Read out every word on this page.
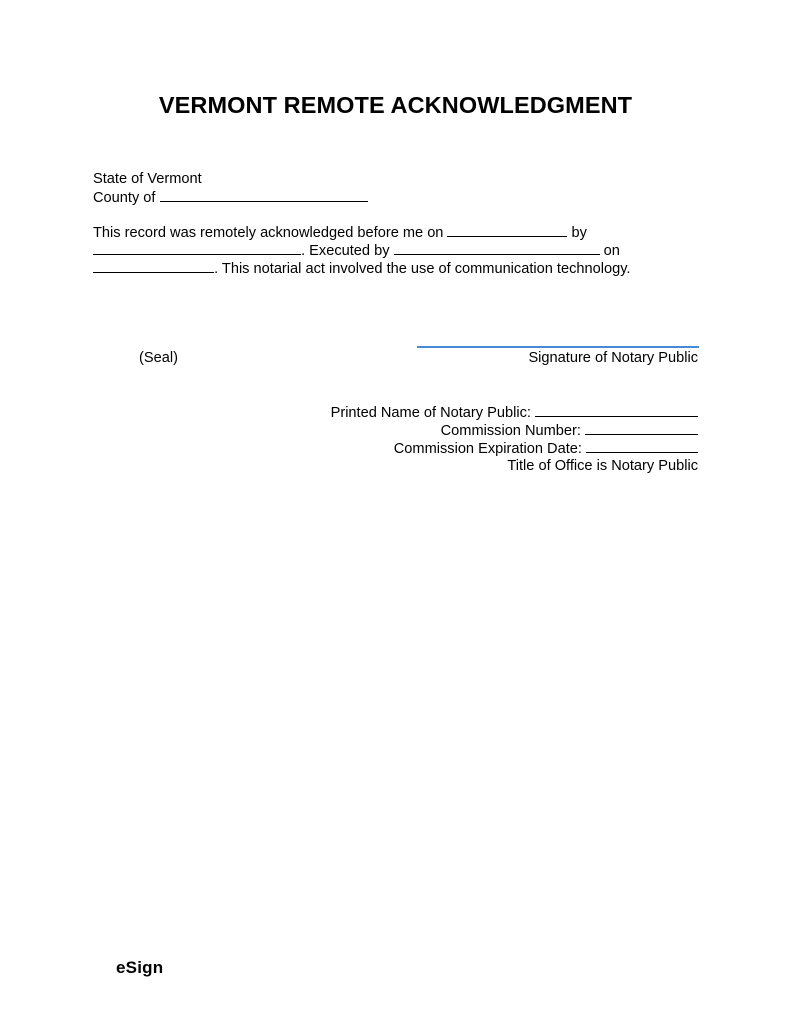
VERMONT REMOTE ACKNOWLEDGMENT
State of Vermont
County of
This record was remotely acknowledged before me on	by
. Executed by	on
. This notarial act involved the use of communication technology.
(Seal)	Signature of Notary Public
Printed Name of Notary Public:
Commission Number:
Commission Expiration Date:
Title of Office is Notary Public
eSign
